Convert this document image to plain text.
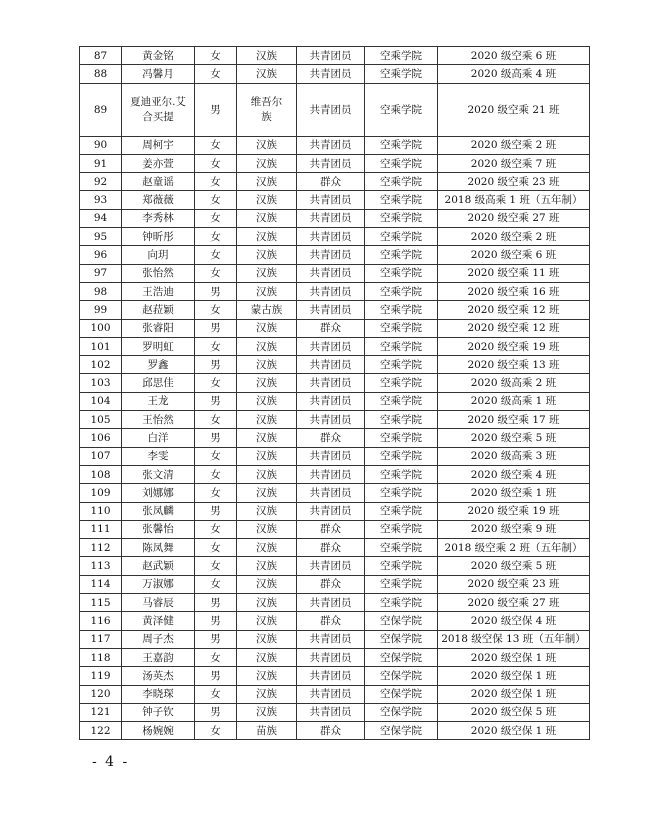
87	黄金铭	女	汉族	共青团员	空乘学院	2020 级空乘 6 班
88	冯馨月	女	汉族	共青团员	空乘学院	2020 级高乘 4 班
89	夏迪亚尔.艾合买提	男	维吾尔族	共青团员	空乘学院	2020 级空乘 21 班
90	周柯宇	女	汉族	共青团员	空乘学院	2020 级空乘 2 班
91	姜亦萱	女	汉族	共青团员	空乘学院	2020 级空乘 7 班
92	赵童谣	女	汉族	群众	空乘学院	2020 级空乘 23 班
93	郑薇薇	女	汉族	共青团员	空乘学院	2018 级高乘 1 班（五年制）
94	李秀林	女	汉族	共青团员	空乘学院	2020 级空乘 27 班
95	钟昕彤	女	汉族	共青团员	空乘学院	2020 级空乘 2 班
96	向玥	女	汉族	共青团员	空乘学院	2020 级空乘 6 班
97	张怡然	女	汉族	共青团员	空乘学院	2020 级空乘 11 班
98	王浩迪	男	汉族	共青团员	空乘学院	2020 级空乘 16 班
99	赵菈颖	女	蒙古族	共青团员	空乘学院	2020 级空乘 12 班
100	张睿阳	男	汉族	群众	空乘学院	2020 级空乘 12 班
101	罗明虹	女	汉族	共青团员	空乘学院	2020 级空乘 19 班
102	罗鑫	男	汉族	共青团员	空乘学院	2020 级空乘 13 班
103	邱思佳	女	汉族	共青团员	空乘学院	2020 级高乘 2 班
104	王龙	男	汉族	共青团员	空乘学院	2020 级高乘 1 班
105	王怡然	女	汉族	共青团员	空乘学院	2020 级空乘 17 班
106	白洋	男	汉族	群众	空乘学院	2020 级空乘 5 班
107	李雯	女	汉族	共青团员	空乘学院	2020 级高乘 3 班
108	张文清	女	汉族	共青团员	空乘学院	2020 级空乘 4 班
109	刘娜娜	女	汉族	共青团员	空乘学院	2020 级空乘 1 班
110	张凤麟	男	汉族	共青团员	空乘学院	2020 级空乘 19 班
111	张馨怡	女	汉族	群众	空乘学院	2020 级空乘 9 班
112	陈凤舞	女	汉族	群众	空乘学院	2018 级空乘 2 班（五年制）
113	赵武颖	女	汉族	共青团员	空乘学院	2020 级空乘 5 班
114	万淑娜	女	汉族	群众	空乘学院	2020 级空乘 23 班
115	马睿辰	男	汉族	共青团员	空乘学院	2020 级空乘 27 班
116	黄泽健	男	汉族	群众	空保学院	2020 级空保 4 班
117	周子杰	男	汉族	共青团员	空保学院	2018 级空保 13 班（五年制）
118	王嘉韵	女	汉族	共青团员	空保学院	2020 级空保 1 班
119	汤英杰	男	汉族	共青团员	空保学院	2020 级空保 1 班
120	李晓琛	女	汉族	共青团员	空保学院	2020 级空保 1 班
121	钟子钦	男	汉族	共青团员	空保学院	2020 级空保 5 班
122	杨婉婉	女	苗族	群众	空保学院	2020 级空保 1 班
- 4 -
